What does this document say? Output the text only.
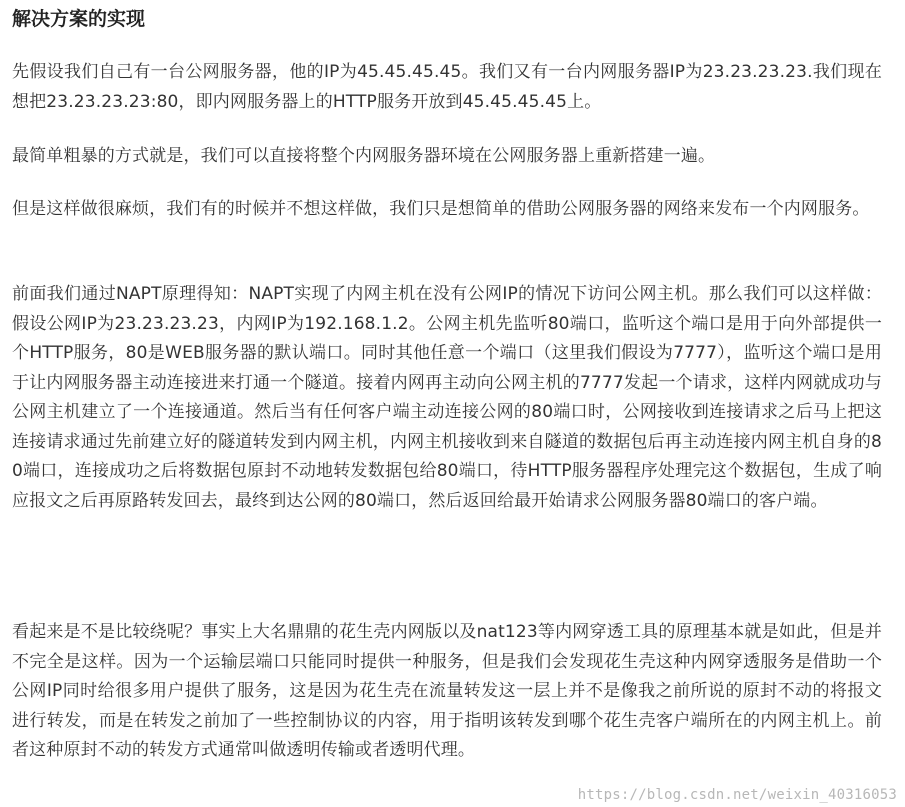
解决方案的实现

先假设我们自己有一台公网服务器，他的IP为45.45.45.45。我们又有一台内网服务器IP为23.23.23.23.我们现在想把23.23.23.23:80，即内网服务器上的HTTP服务开放到45.45.45.45上。

最简单粗暴的方式就是，我们可以直接将整个内网服务器环境在公网服务器上重新搭建一遍。

但是这样做很麻烦，我们有的时候并不想这样做，我们只是想简单的借助公网服务器的网络来发布一个内网服务。

前面我们通过NAPT原理得知：NAPT实现了内网主机在没有公网IP的情况下访问公网主机。那么我们可以这样做：假设公网IP为23.23.23.23，内网IP为192.168.1.2。公网主机先监听80端口，监听这个端口是用于向外部提供一个HTTP服务，80是WEB服务器的默认端口。同时其他任意一个端口（这里我们假设为7777），监听这个端口是用于让内网服务器主动连接进来打通一个隧道。接着内网再主动向公网主机的7777发起一个请求，这样内网就成功与公网主机建立了一个连接通道。然后当有任何客户端主动连接公网的80端口时，公网接收到连接请求之后马上把这连接请求通过先前建立好的隧道转发到内网主机，内网主机接收到来自隧道的数据包后再主动连接内网主机自身的80端口，连接成功之后将数据包原封不动地转发数据包给80端口，待HTTP服务器程序处理完这个数据包，生成了响应报文之后再原路转发回去，最终到达公网的80端口，然后返回给最开始请求公网服务器80端口的客户端。

看起来是不是比较绕呢？事实上大名鼎鼎的花生壳内网版以及nat123等内网穿透工具的原理基本就是如此，但是并不完全是这样。因为一个运输层端口只能同时提供一种服务，但是我们会发现花生壳这种内网穿透服务是借助一个公网IP同时给很多用户提供了服务，这是因为花生壳在流量转发这一层上并不是像我之前所说的原封不动的将报文进行转发，而是在转发之前加了一些控制协议的内容，用于指明该转发到哪个花生壳客户端所在的内网主机上。前者这种原封不动的转发方式通常叫做透明传输或者透明代理。

https://blog.csdn.net/weixin_40316053
